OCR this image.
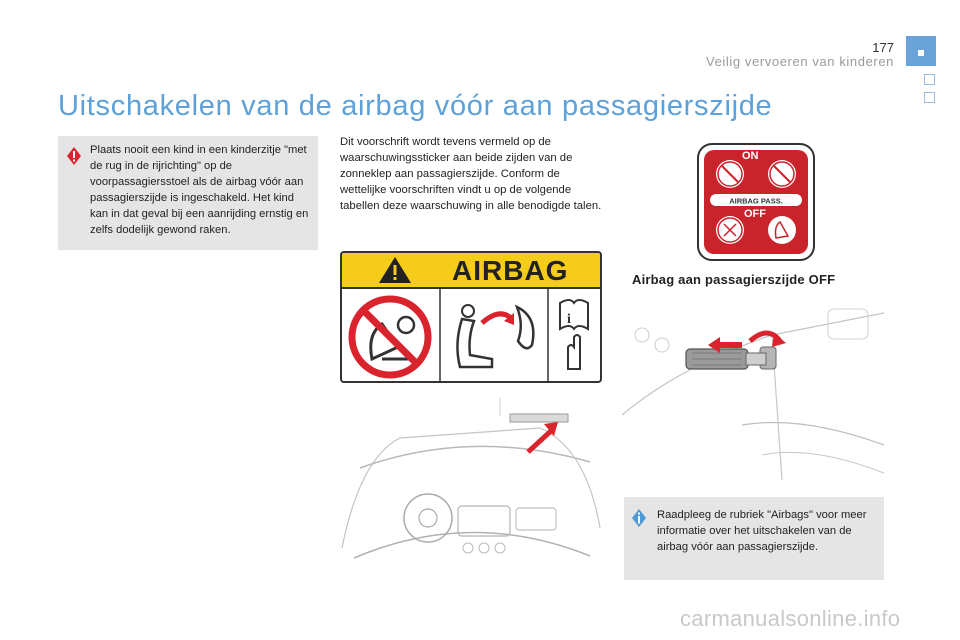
177
Veilig vervoeren van kinderen
Uitschakelen van de airbag vóór aan passagierszijde
Plaats nooit een kind in een kinderzitje "met de rug in de rijrichting" op de voorpassagiersstoel als de airbag vóór aan passagierszijde is ingeschakeld. Het kind kan in dat geval bij een aanrijding ernstig en zelfs dodelijk gewond raken.
Dit voorschrift wordt tevens vermeld op de waarschuwingssticker aan beide zijden van de zonneklep aan passagierszijde. Conform de wettelijke voorschriften vindt u op de volgende tabellen deze waarschuwing in alle benodigde talen.
AIRBAG
i
AIRBAG PASS.
ON
OFF
Airbag aan passagierszijde OFF
Raadpleeg de rubriek "Airbags" voor meer informatie over het uitschakelen van de airbag vóór aan passagierszijde.
carmanualsonline.info
